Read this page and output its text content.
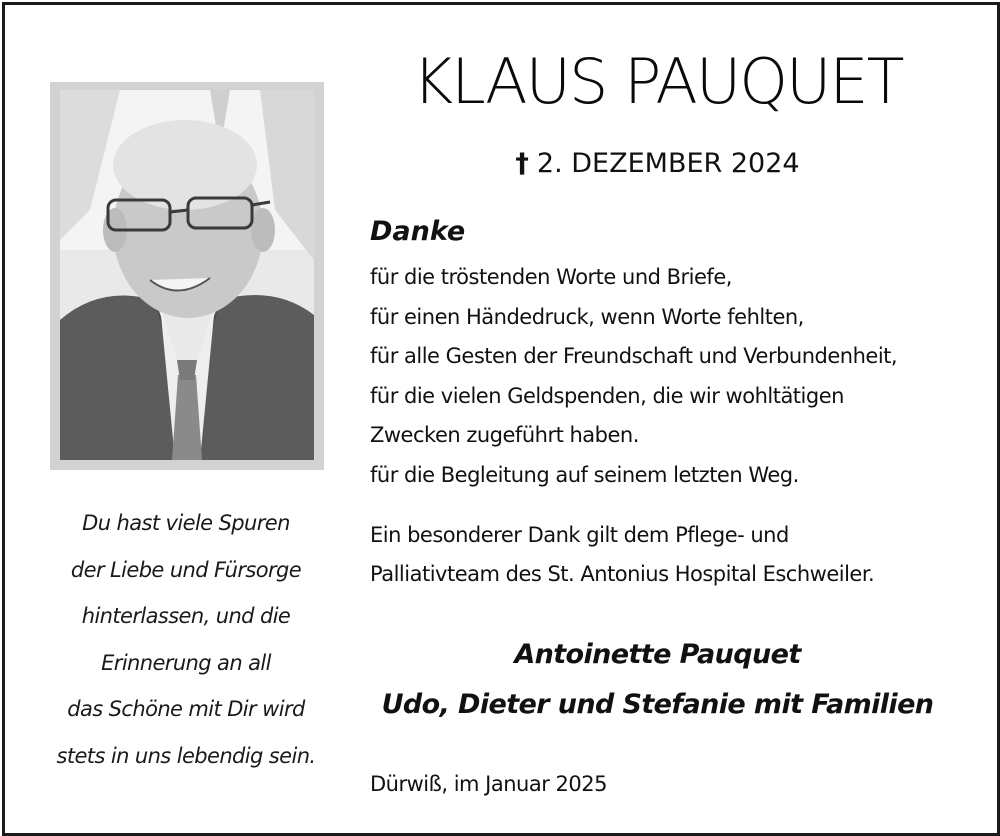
Du hast viele Spuren
der Liebe und Fürsorge
hinterlassen, und die
Erinnerung an all
das Schöne mit Dir wird
stets in uns lebendig sein.
KLAUS PAUQUET
† 2. DEZEMBER 2024
Danke
für die tröstenden Worte und Briefe,
für einen Händedruck, wenn Worte fehlten,
für alle Gesten der Freundschaft und Verbundenheit,
für die vielen Geldspenden, die wir wohltätigen
Zwecken zugeführt haben.
für die Begleitung auf seinem letzten Weg.
Ein besonderer Dank gilt dem Pflege- und
Palliativteam des St. Antonius Hospital Eschweiler.
Antoinette Pauquet
Udo, Dieter und Stefanie mit Familien
Dürwiß, im Januar 2025
